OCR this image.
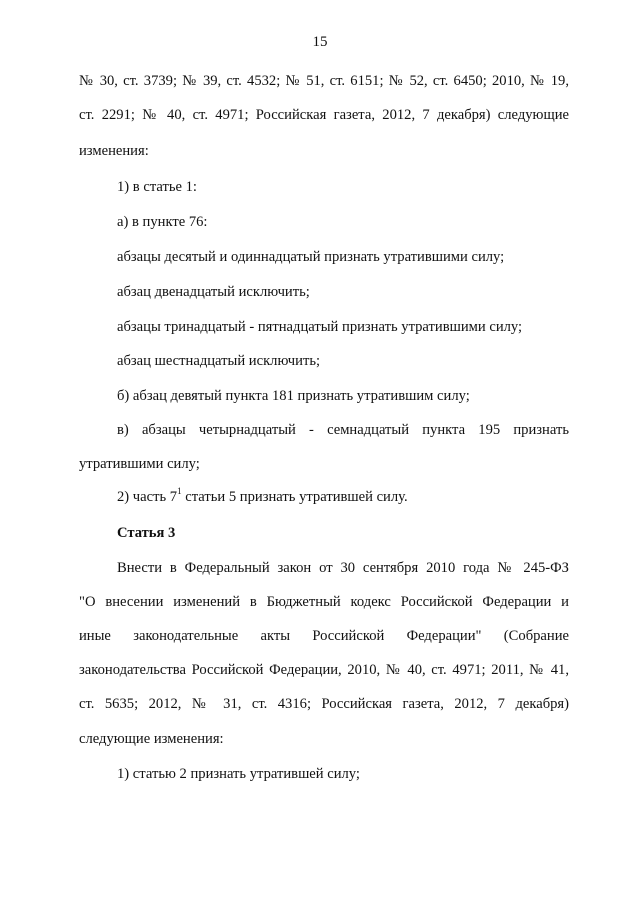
15
№ 30, ст. 3739; № 39, ст. 4532; № 51, ст. 6151; № 52, ст. 6450; 2010, № 19,
ст. 2291; № 40, ст. 4971; Российская газета, 2012, 7 декабря) следующие
изменения:
1) в статье 1:
а) в пункте 76:
абзацы десятый и одиннадцатый признать утратившими силу;
абзац двенадцатый исключить;
абзацы тринадцатый - пятнадцатый признать утратившими силу;
абзац шестнадцатый исключить;
б) абзац девятый пункта 181 признать утратившим силу;
в) абзацы четырнадцатый - семнадцатый пункта 195 признать
утратившими силу;
2) часть $7^1$ статьи 5 признать утратившей силу.
Статья 3
Внести в Федеральный закон от 30 сентября 2010 года № 245-ФЗ
"О внесении изменений в Бюджетный кодекс Российской Федерации и
иные законодательные акты Российской Федерации" (Собрание
законодательства Российской Федерации, 2010, № 40, ст. 4971; 2011, № 41,
ст. 5635; 2012, № 31, ст. 4316; Российская газета, 2012, 7 декабря)
следующие изменения:
1) статью 2 признать утратившей силу;
